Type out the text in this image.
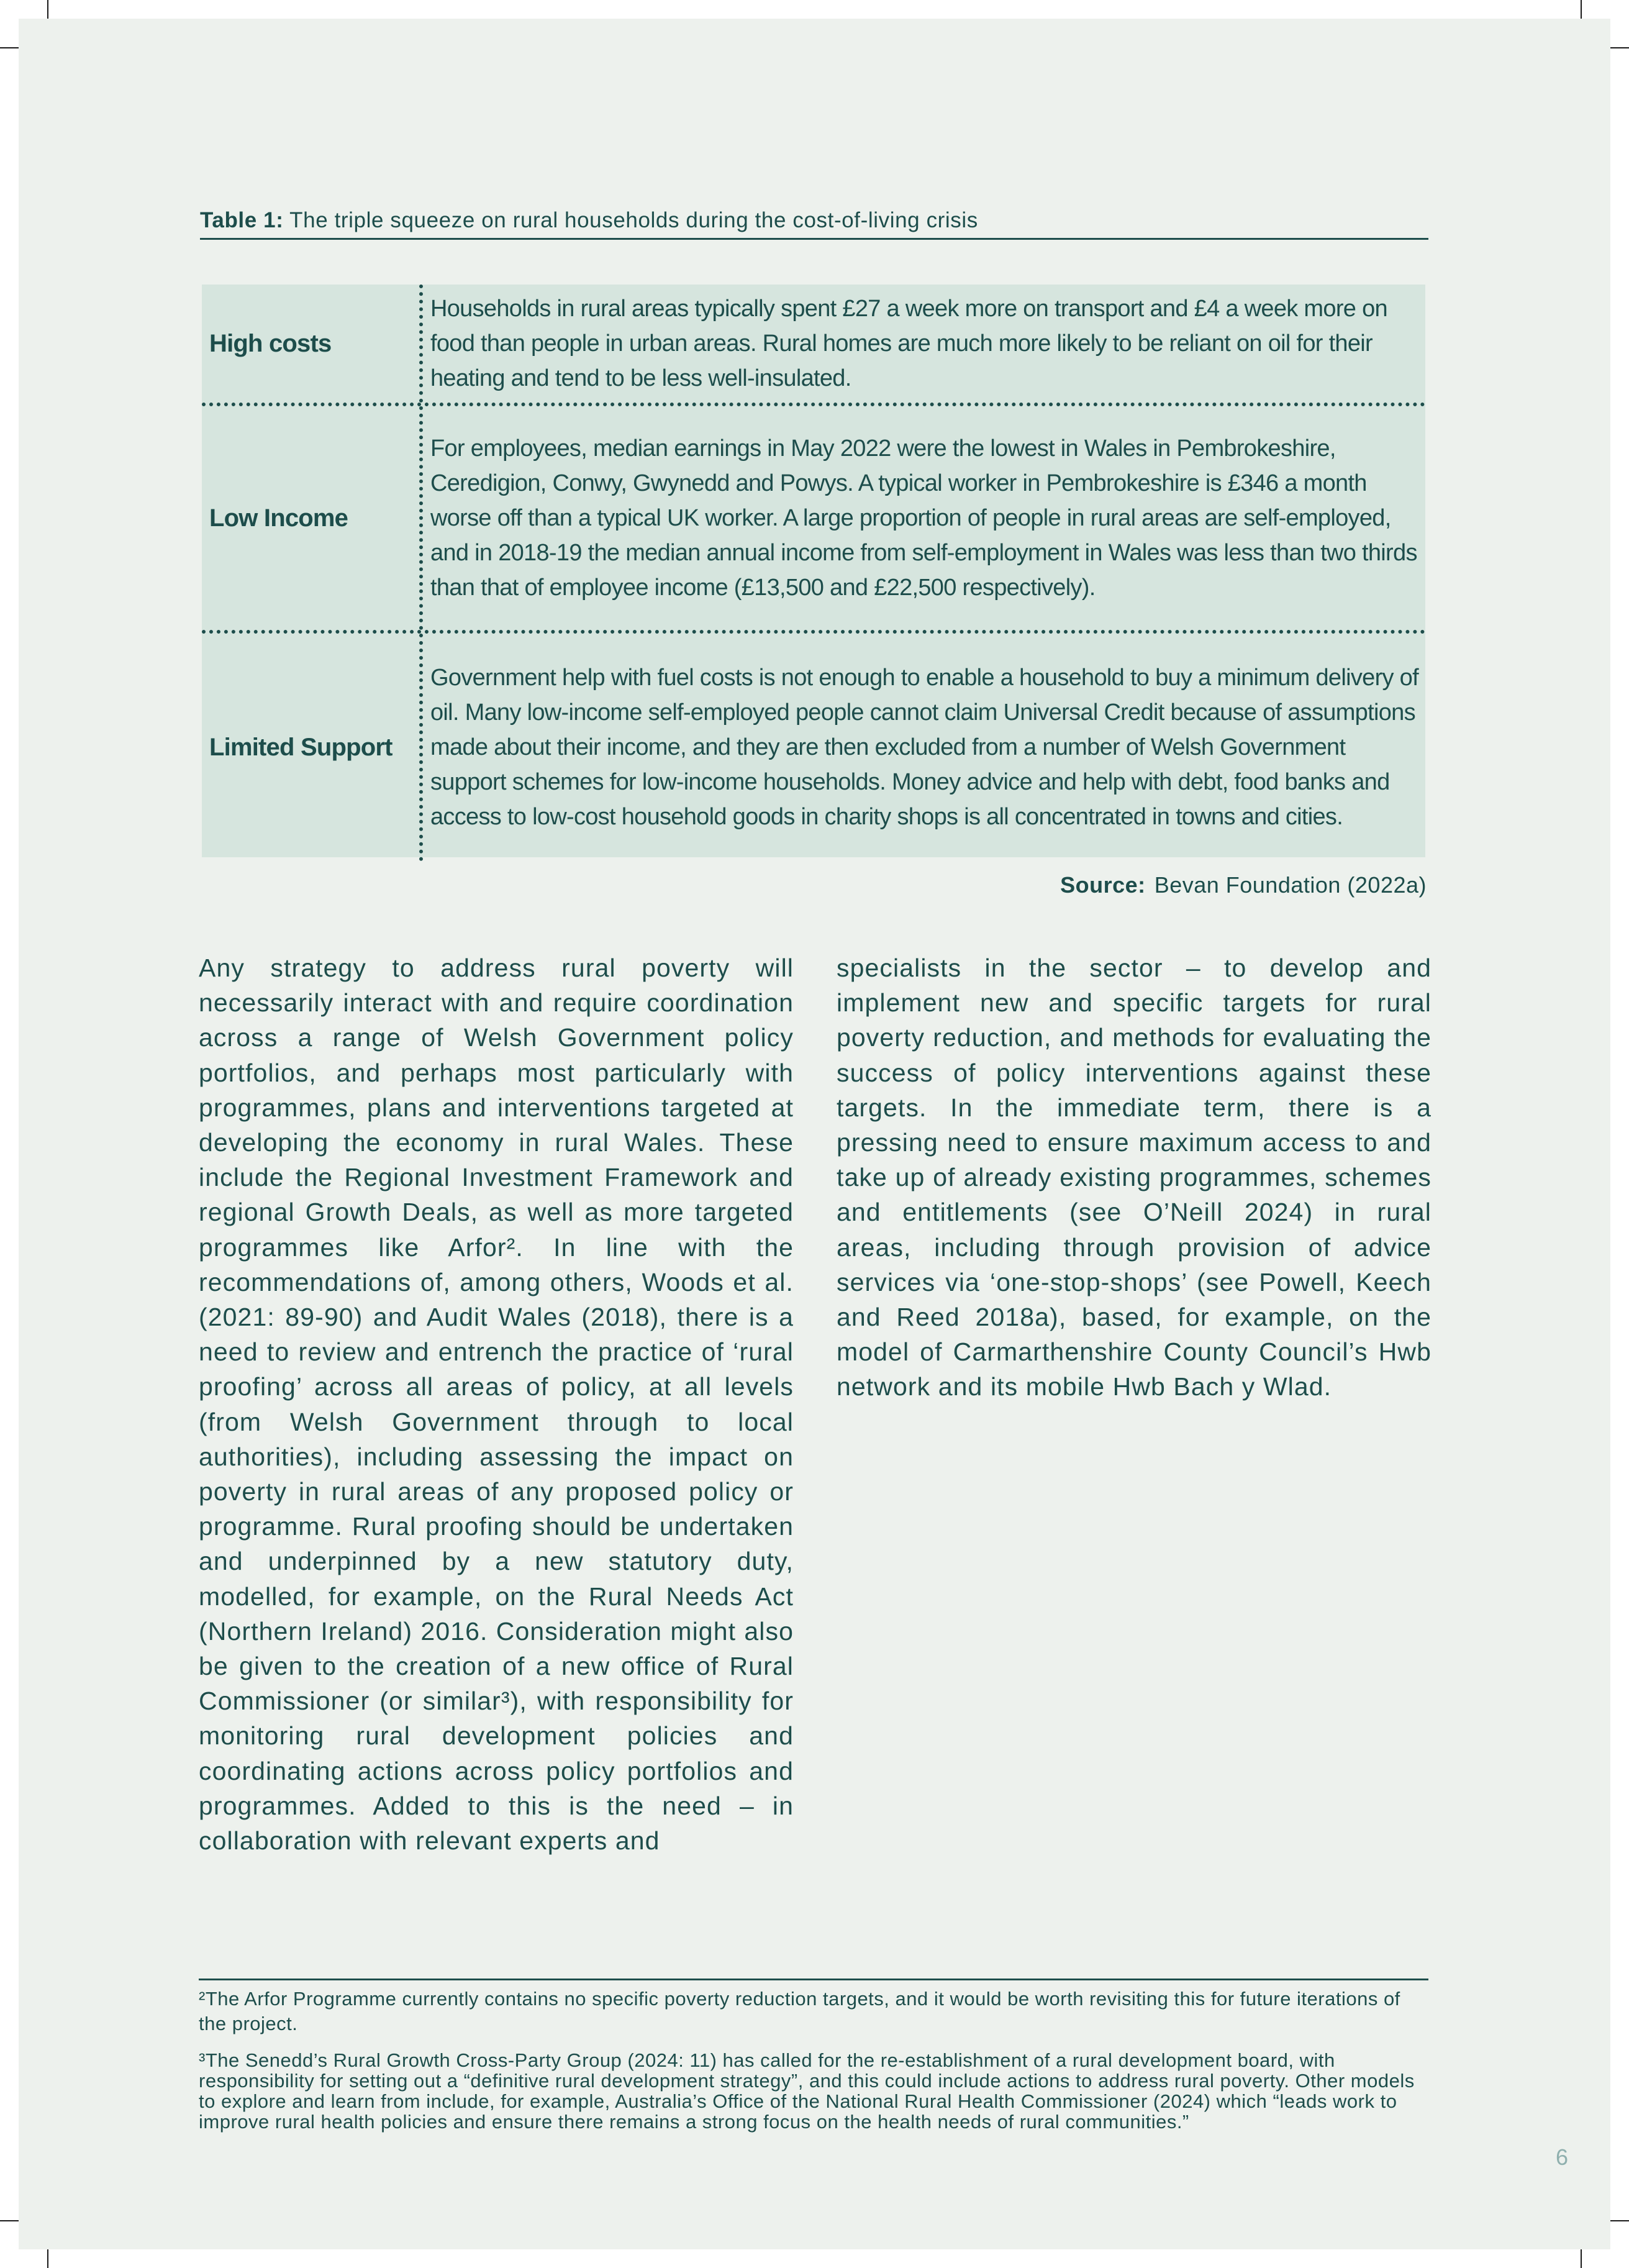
Table 1: The triple squeeze on rural households during the cost-of-living crisis
High costs
Households in rural areas typically spent £27 a week more on transport and £4 a week more on food than people in urban areas. Rural homes are much more likely to be reliant on oil for their heating and tend to be less well-insulated.
Low Income
For employees, median earnings in May 2022 were the lowest in Wales in Pembrokeshire, Ceredigion, Conwy, Gwynedd and Powys. A typical worker in Pembrokeshire is £346 a month worse off than a typical UK worker. A large proportion of people in rural areas are self-employed, and in 2018-19 the median annual income from self-employment in Wales was less than two thirds than that of employee income (£13,500 and £22,500 respectively).
Limited Support
Government help with fuel costs is not enough to enable a household to buy a minimum delivery of oil. Many low-income self-employed people cannot claim Universal Credit because of assumptions made about their income, and they are then excluded from a number of Welsh Government support schemes for low-income households. Money advice and help with debt, food banks and access to low-cost household goods in charity shops is all concentrated in towns and cities.
Source: Bevan Foundation (2022a)
Any strategy to address rural poverty will necessarily interact with and require coordination across a range of Welsh Government policy portfolios, and perhaps most particularly with programmes, plans and interventions targeted at developing the economy in rural Wales. These include the Regional Investment Framework and regional Growth Deals, as well as more targeted programmes like Arfor². In line with the recommendations of, among others, Woods et al. (2021: 89-90) and Audit Wales (2018), there is a need to review and entrench the practice of ‘rural proofing’ across all areas of policy, at all levels (from Welsh Government through to local authorities), including assessing the impact on poverty in rural areas of any proposed policy or programme. Rural proofing should be undertaken and underpinned by a new statutory duty, modelled, for example, on the Rural Needs Act (Northern Ireland) 2016. Consideration might also be given to the creation of a new office of Rural Commissioner (or similar³), with responsibility for monitoring rural development policies and coordinating actions across policy portfolios and programmes. Added to this is the need – in collaboration with relevant experts and
specialists in the sector – to develop and implement new and specific targets for rural poverty reduction, and methods for evaluating the success of policy interventions against these targets. In the immediate term, there is a pressing need to ensure maximum access to and take up of already existing programmes, schemes and entitlements (see O’Neill 2024) in rural areas, including through provision of advice services via ‘one-stop-shops’ (see Powell, Keech and Reed 2018a), based, for example, on the model of Carmarthenshire County Council’s Hwb network and its mobile Hwb Bach y Wlad.
²The Arfor Programme currently contains no specific poverty reduction targets, and it would be worth revisiting this for future iterations of the project.
³The Senedd’s Rural Growth Cross-Party Group (2024: 11) has called for the re-establishment of a rural development board, with responsibility for setting out a “definitive rural development strategy”, and this could include actions to address rural poverty. Other models to explore and learn from include, for example, Australia’s Office of the National Rural Health Commissioner (2024) which “leads work to improve rural health policies and ensure there remains a strong focus on the health needs of rural communities.”
6
